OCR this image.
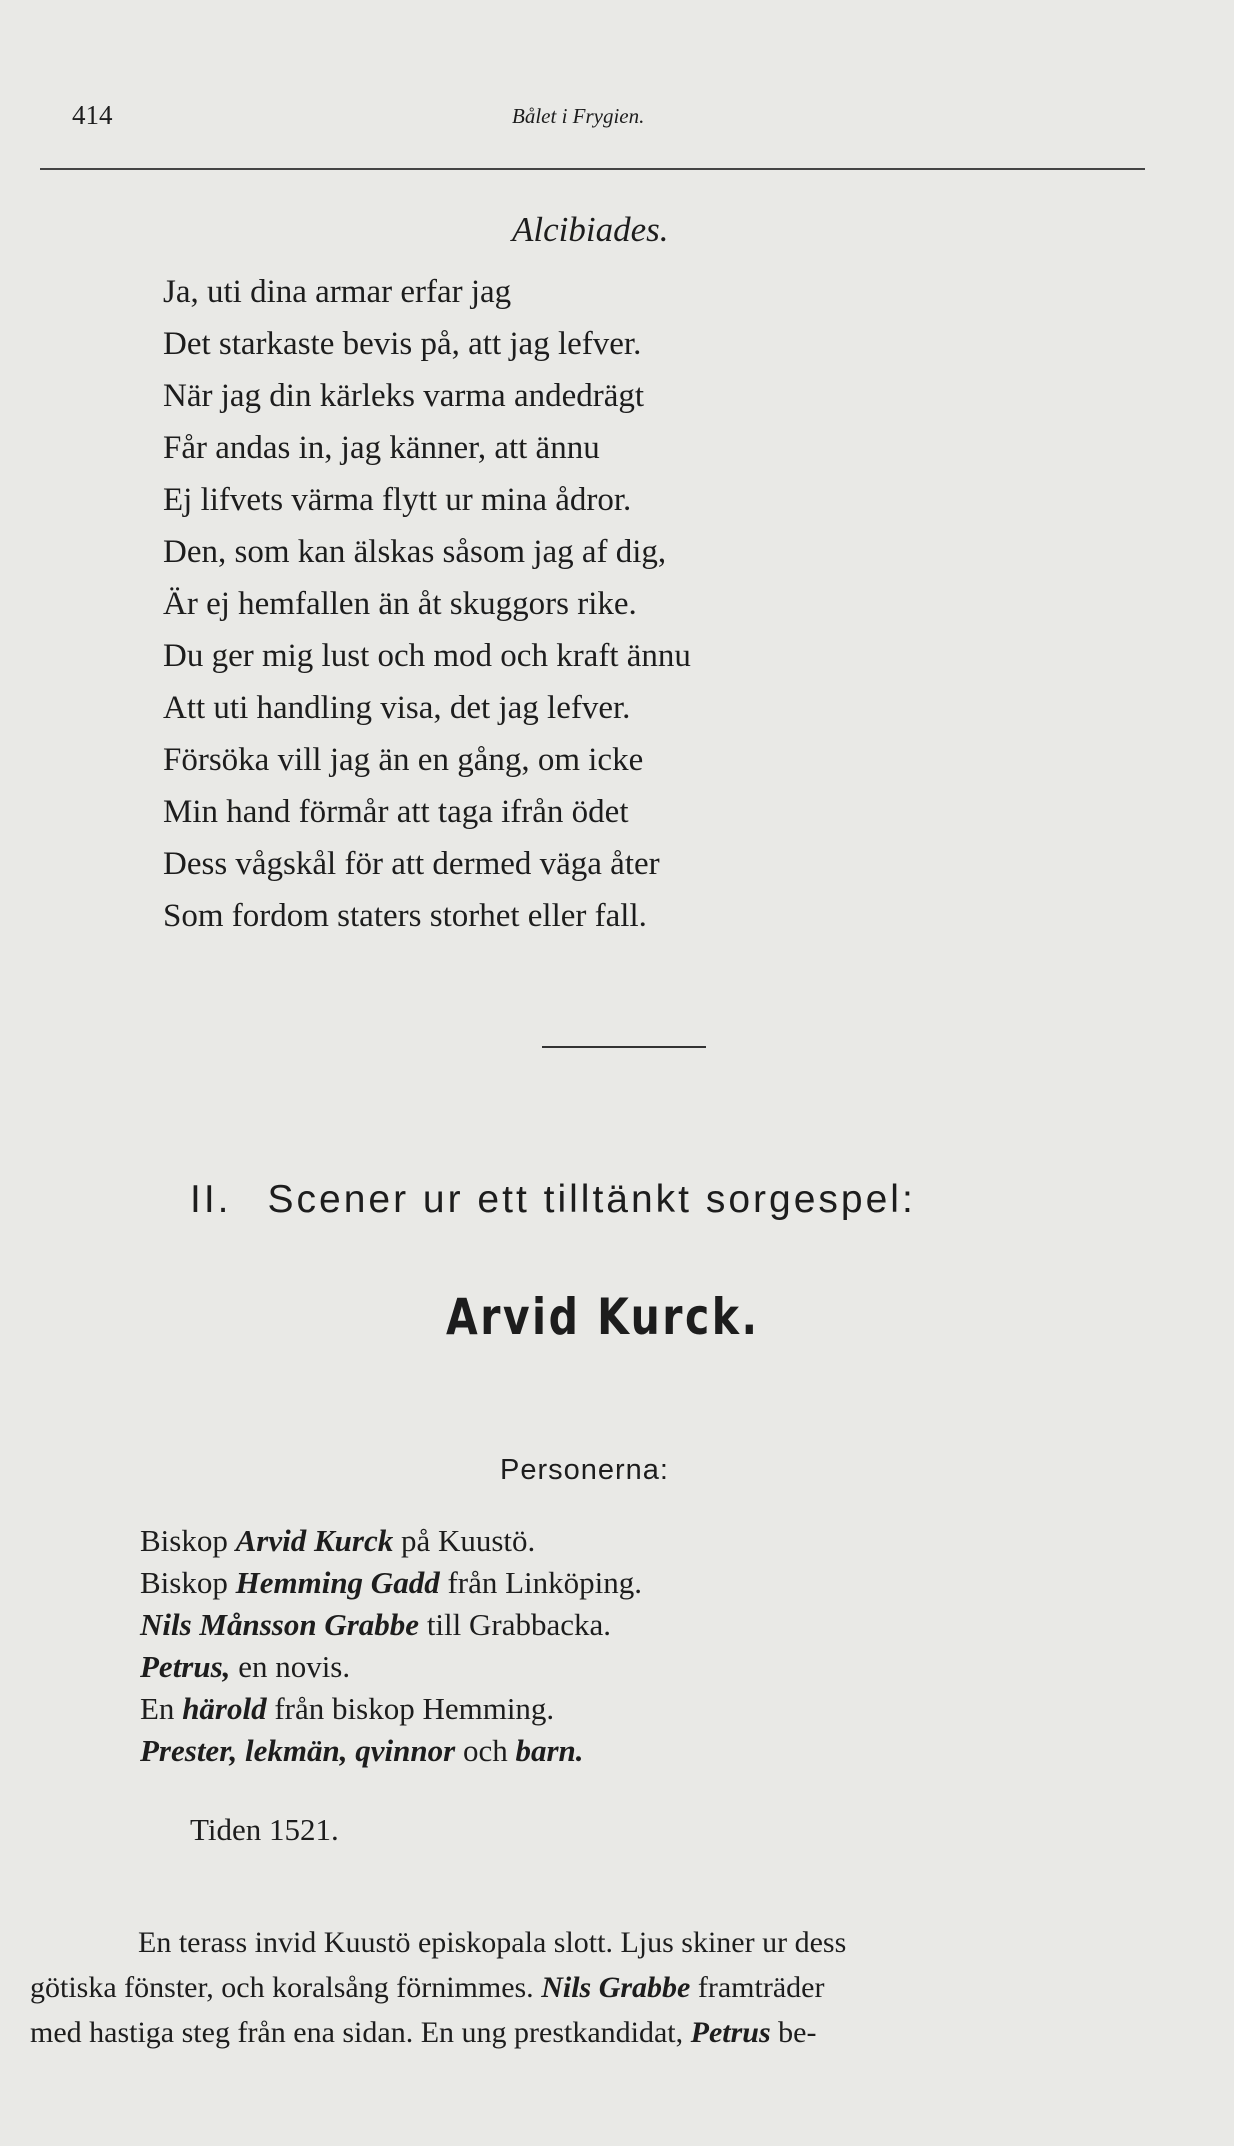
414	Bålet i Frygien.
Alcibiades.
Ja, uti dina armar erfar jag
Det starkaste bevis på, att jag lefver.
När jag din kärleks varma andedrägt
Får andas in, jag känner, att ännu
Ej lifvets värma flytt ur mina ådror.
Den, som kan älskas såsom jag af dig,
Är ej hemfallen än åt skuggors rike.
Du ger mig lust och mod och kraft ännu
Att uti handling visa, det jag lefver.
Försöka vill jag än en gång, om icke
Min hand förmår att taga ifrån ödet
Dess vågskål för att dermed väga åter
Som fordom staters storhet eller fall.
II. Scener ur ett tilltänkt sorgespel:
Arvid Kurck.
Personerna:
Biskop Arvid Kurck på Kuustö.
Biskop Hemming Gadd från Linköping.
Nils Månsson Grabbe till Grabbacka.
Petrus, en novis.
En härold från biskop Hemming.
Prester, lekmän, qvinnor och barn.
Tiden 1521.
En terass invid Kuustö episkopala slott. Ljus skiner ur dess
götiska fönster, och koralsång förnimmes. Nils Grabbe framträder
med hastiga steg från ena sidan. En ung prestkandidat, Petrus be-
